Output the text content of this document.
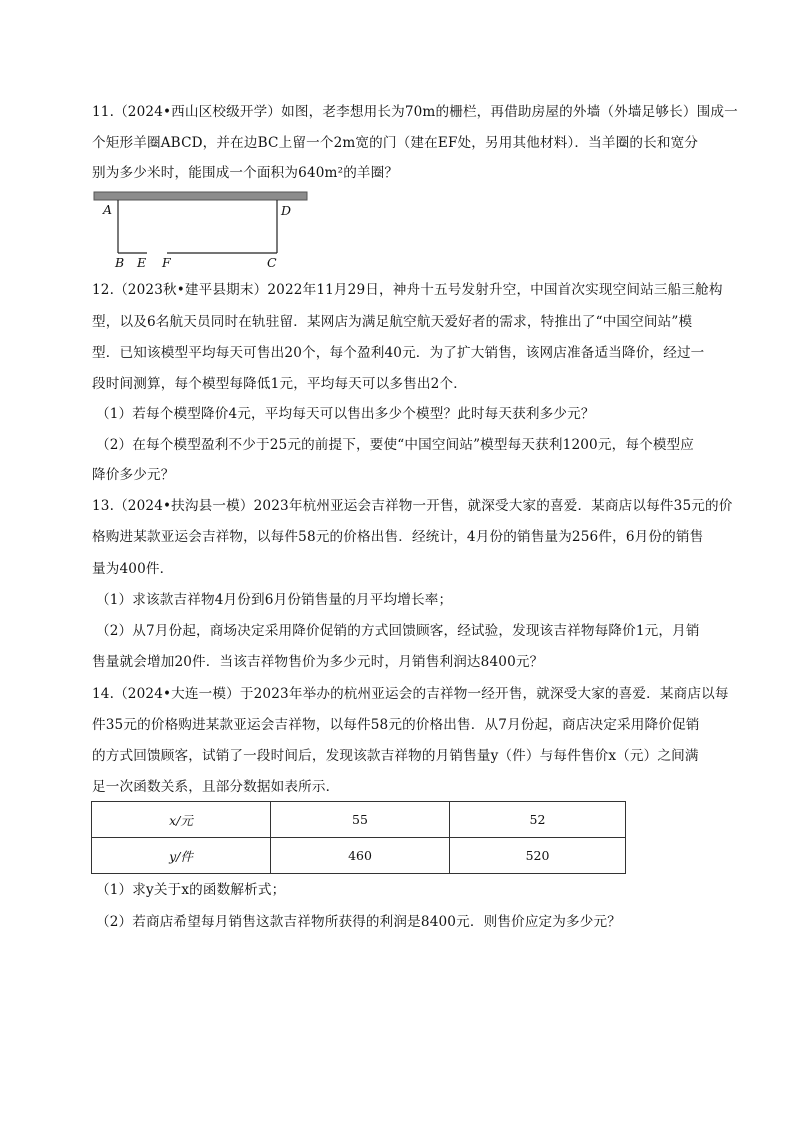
11.（2024•西山区校级开学）如图，老李想用长为70m的栅栏，再借助房屋的外墙（外墙足够长）围成一
个矩形羊圈ABCD，并在边BC上留一个2m宽的门（建在EF处，另用其他材料）．当羊圈的长和宽分
别为多少米时，能围成一个面积为640m²的羊圈？
A	D
B E F	C
12.（2023秋•建平县期末）2022年11月29日，神舟十五号发射升空，中国首次实现空间站三船三舱构
型，以及6名航天员同时在轨驻留．某网店为满足航空航天爱好者的需求，特推出了“中国空间站”模
型．已知该模型平均每天可售出20个，每个盈利40元．为了扩大销售，该网店准备适当降价，经过一
段时间测算，每个模型每降低1元，平均每天可以多售出2个．
（1）若每个模型降价4元，平均每天可以售出多少个模型？此时每天获利多少元？
（2）在每个模型盈利不少于25元的前提下，要使“中国空间站”模型每天获利1200元，每个模型应
降价多少元？
13.（2024•扶沟县一模）2023年杭州亚运会吉祥物一开售，就深受大家的喜爱．某商店以每件35元的价
格购进某款亚运会吉祥物，以每件58元的价格出售．经统计，4月份的销售量为256件，6月份的销售
量为400件．
（1）求该款吉祥物4月份到6月份销售量的月平均增长率；
（2）从7月份起，商场决定采用降价促销的方式回馈顾客，经试验，发现该吉祥物每降价1元，月销
售量就会增加20件．当该吉祥物售价为多少元时，月销售利润达8400元？
14.（2024•大连一模）于2023年举办的杭州亚运会的吉祥物一经开售，就深受大家的喜爱．某商店以每
件35元的价格购进某款亚运会吉祥物，以每件58元的价格出售．从7月份起，商店决定采用降价促销
的方式回馈顾客，试销了一段时间后，发现该款吉祥物的月销售量y（件）与每件售价x（元）之间满
足一次函数关系，且部分数据如表所示．
x/元	55	52
y/件	460	520
（1）求y关于x的函数解析式；
（2）若商店希望每月销售这款吉祥物所获得的利润是8400元．则售价应定为多少元？
